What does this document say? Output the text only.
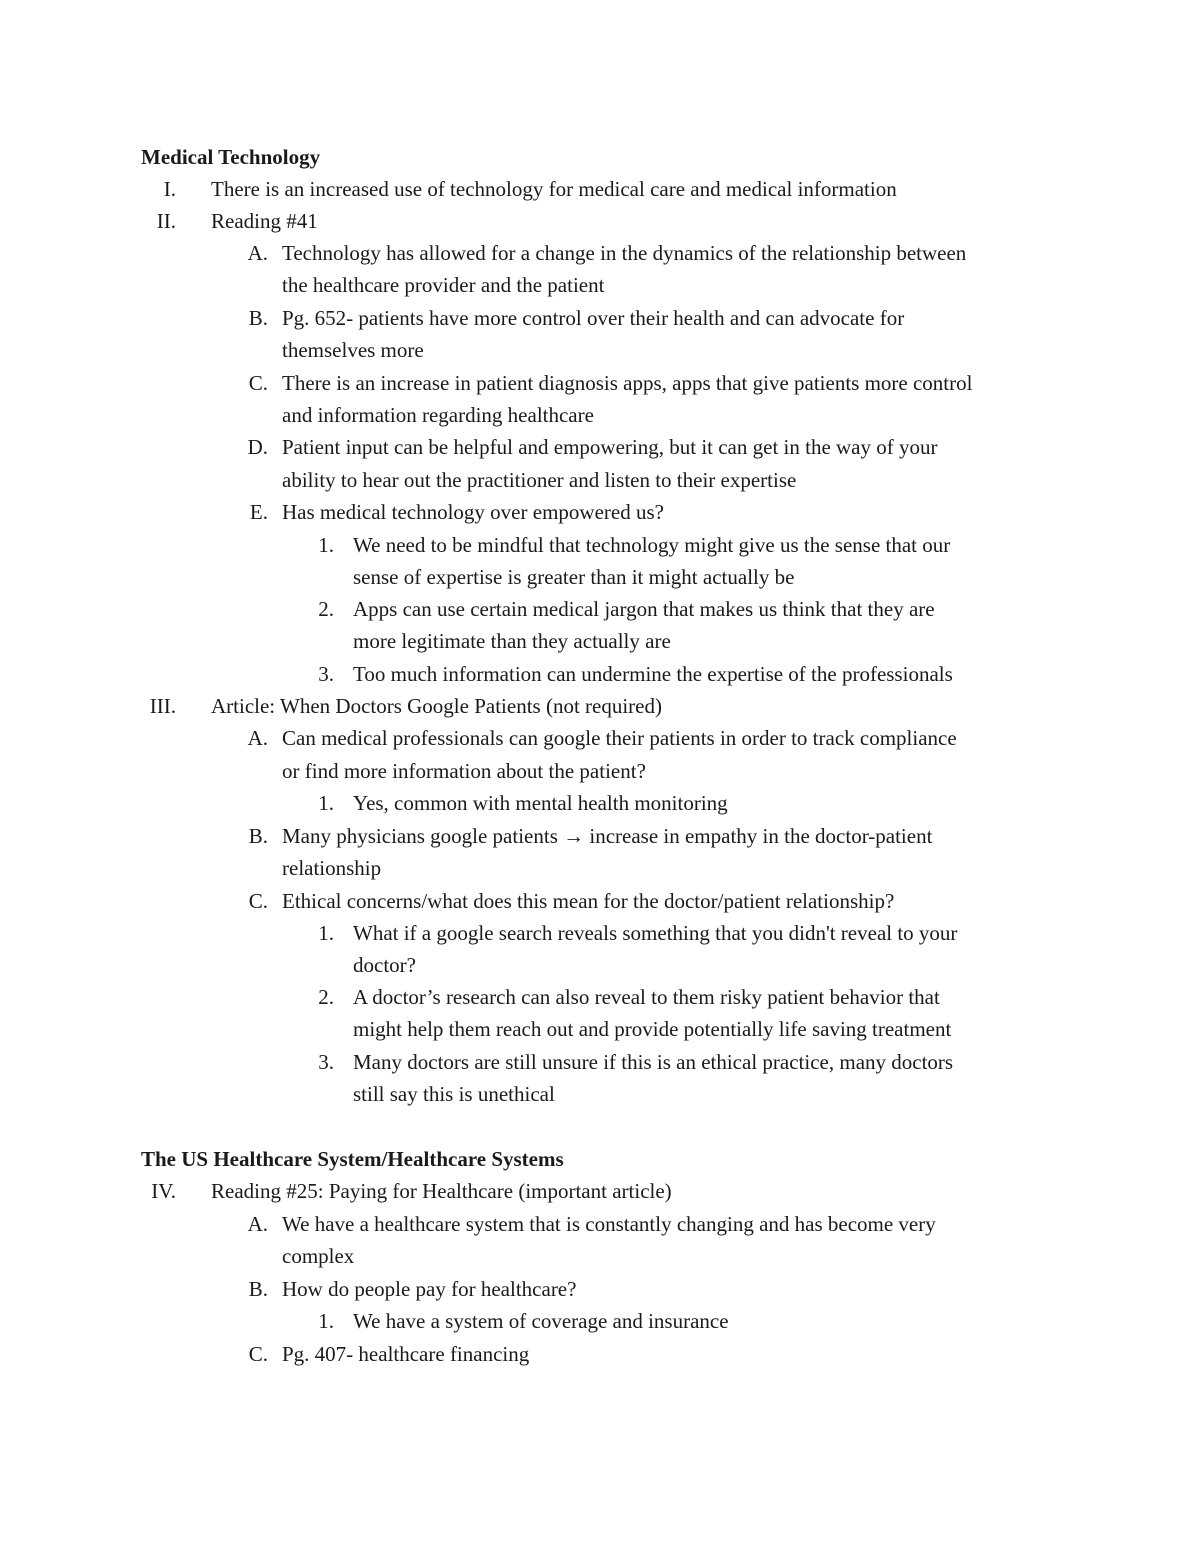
Medical Technology
I. There is an increased use of technology for medical care and medical information
II. Reading #41
A. Technology has allowed for a change in the dynamics of the relationship between
the healthcare provider and the patient
B. Pg. 652- patients have more control over their health and can advocate for
themselves more
C. There is an increase in patient diagnosis apps, apps that give patients more control
and information regarding healthcare
D. Patient input can be helpful and empowering, but it can get in the way of your
ability to hear out the practitioner and listen to their expertise
E. Has medical technology over empowered us?
1. We need to be mindful that technology might give us the sense that our
sense of expertise is greater than it might actually be
2. Apps can use certain medical jargon that makes us think that they are
more legitimate than they actually are
3. Too much information can undermine the expertise of the professionals
III. Article: When Doctors Google Patients (not required)
A. Can medical professionals can google their patients in order to track compliance
or find more information about the patient?
1. Yes, common with mental health monitoring
B. Many physicians google patients → increase in empathy in the doctor-patient
relationship
C. Ethical concerns/what does this mean for the doctor/patient relationship?
1. What if a google search reveals something that you didn't reveal to your
doctor?
2. A doctor’s research can also reveal to them risky patient behavior that
might help them reach out and provide potentially life saving treatment
3. Many doctors are still unsure if this is an ethical practice, many doctors
still say this is unethical
The US Healthcare System/Healthcare Systems
IV. Reading #25: Paying for Healthcare (important article)
A. We have a healthcare system that is constantly changing and has become very
complex
B. How do people pay for healthcare?
1. We have a system of coverage and insurance
C. Pg. 407- healthcare financing
